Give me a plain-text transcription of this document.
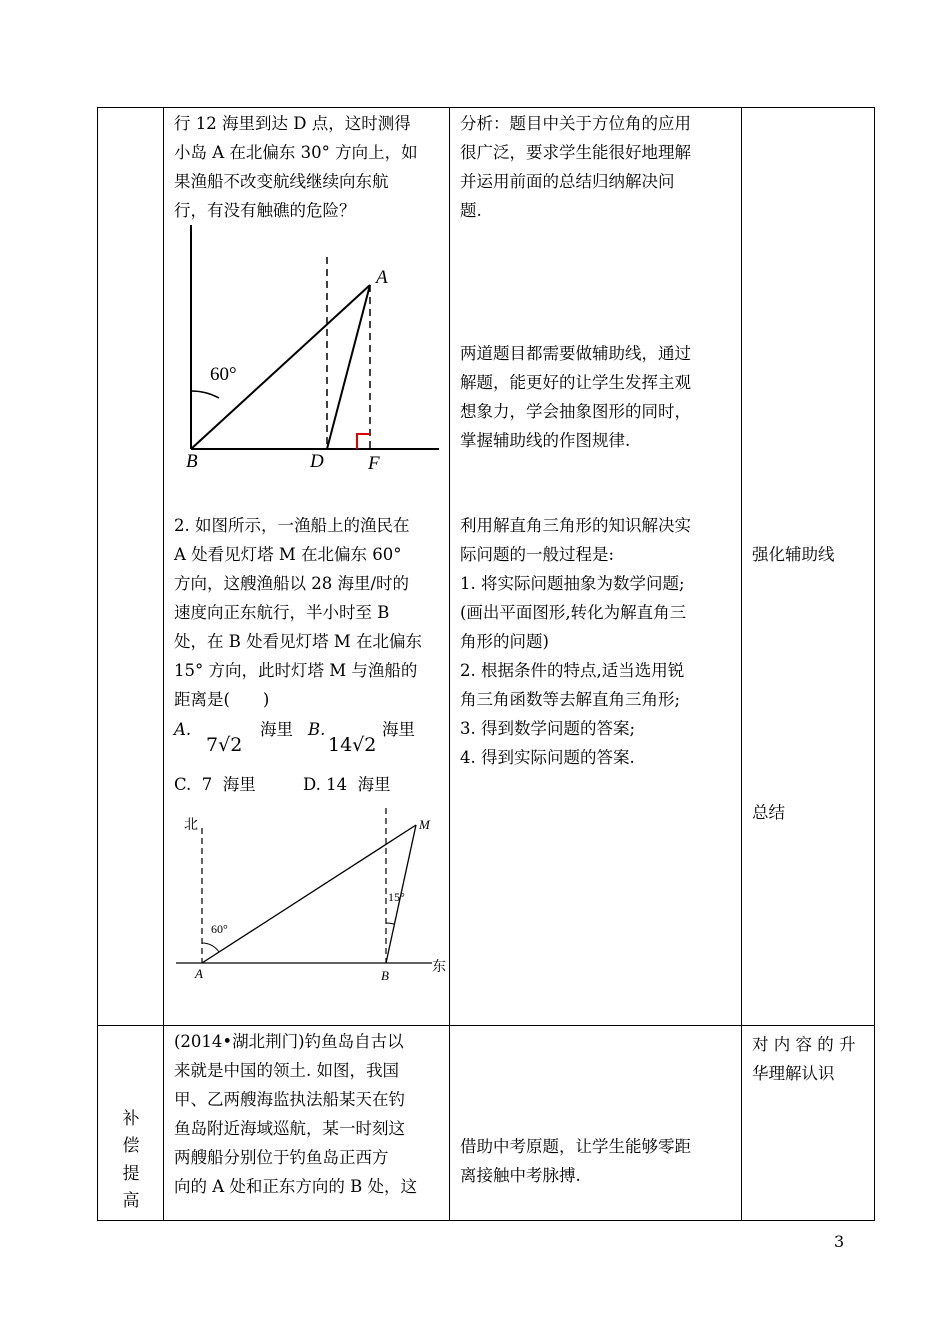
行 12 海里到达 D 点，这时测得
小岛 A 在北偏东 30° 方向上，如
果渔船不改变航线继续向东航
行，有没有触礁的危险？
60°
A
B	D F
2. 如图所示，一渔船上的渔民在
A 处看见灯塔 M 在北偏东 60°
方向，这艘渔船以 28 海里/时的
速度向正东航行，半小时至 B
处，在 B 处看见灯塔 M 在北偏东
15° 方向，此时灯塔 M 与渔船的
距离是(　　)
A.
7√2
海里 B.
14√2
海里
C.  7  海里         D. 14  海里
北
东
60°
15°
A	B
M
分析：题目中关于方位角的应用
很广泛，要求学生能很好地理解
并运用前面的总结归纳解决问
题.
两道题目都需要做辅助线，通过
解题，能更好的让学生发挥主观
想象力，学会抽象图形的同时，
掌握辅助线的作图规律.
利用解直角三角形的知识解决实
际问题的一般过程是:
1. 将实际问题抽象为数学问题;
(画出平面图形,转化为解直角三
角形的问题)
2. 根据条件的特点,适当选用锐
角三角函数等去解直角三角形;
3. 得到数学问题的答案;
4. 得到实际问题的答案.
强化辅助线
总结
补
偿
提
高
(2014•湖北荆门)钓鱼岛自古以
来就是中国的领土. 如图，我国
甲、乙两艘海监执法船某天在钓
鱼岛附近海域巡航，某一时刻这
两艘船分别位于钓鱼岛正西方
向的 A 处和正东方向的 B 处，这
借助中考原题，让学生能够零距
离接触中考脉搏.
对 内 容 的 升
华理解认识
3
